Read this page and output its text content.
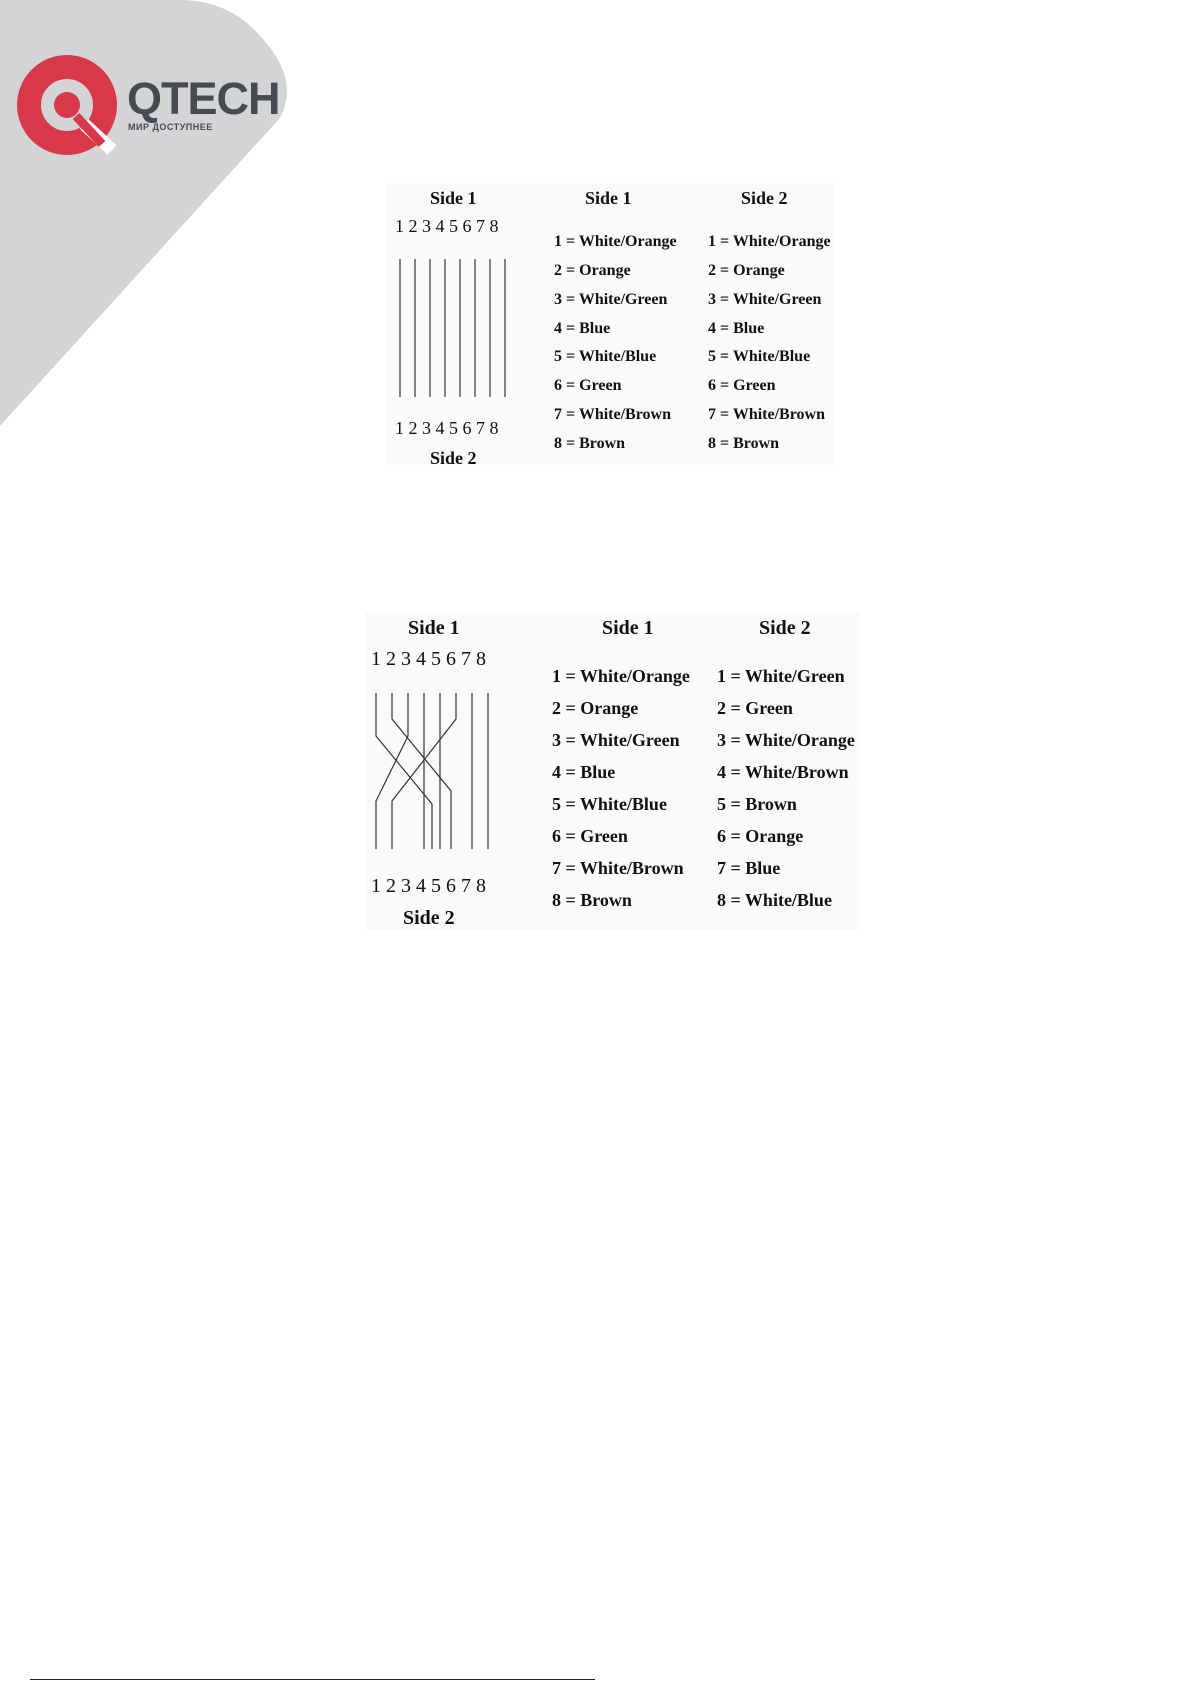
QTECH
МИР ДОСТУПНЕЕ
Side 1
1 2 3 4 5 6 7 8
1 2 3 4 5 6 7 8
Side 2
Side 1	Side 2
1 = White/Orange
2 = Orange
3 = White/Green
4 = Blue
5 = White/Blue
6 = Green
7 = White/Brown
8 = Brown
1 = White/Orange
2 = Orange
3 = White/Green
4 = Blue
5 = White/Blue
6 = Green
7 = White/Brown
8 = Brown
Side 1
1 2 3 4 5 6 7 8
1 2 3 4 5 6 7 8
Side 2
Side 1	Side 2
1 = White/Orange
2 = Orange
3 = White/Green
4 = Blue
5 = White/Blue
6 = Green
7 = White/Brown
8 = Brown
1 = White/Green
2 = Green
3 = White/Orange
4 = White/Brown
5 = Brown
6 = Orange
7 = Blue
8 = White/Blue
